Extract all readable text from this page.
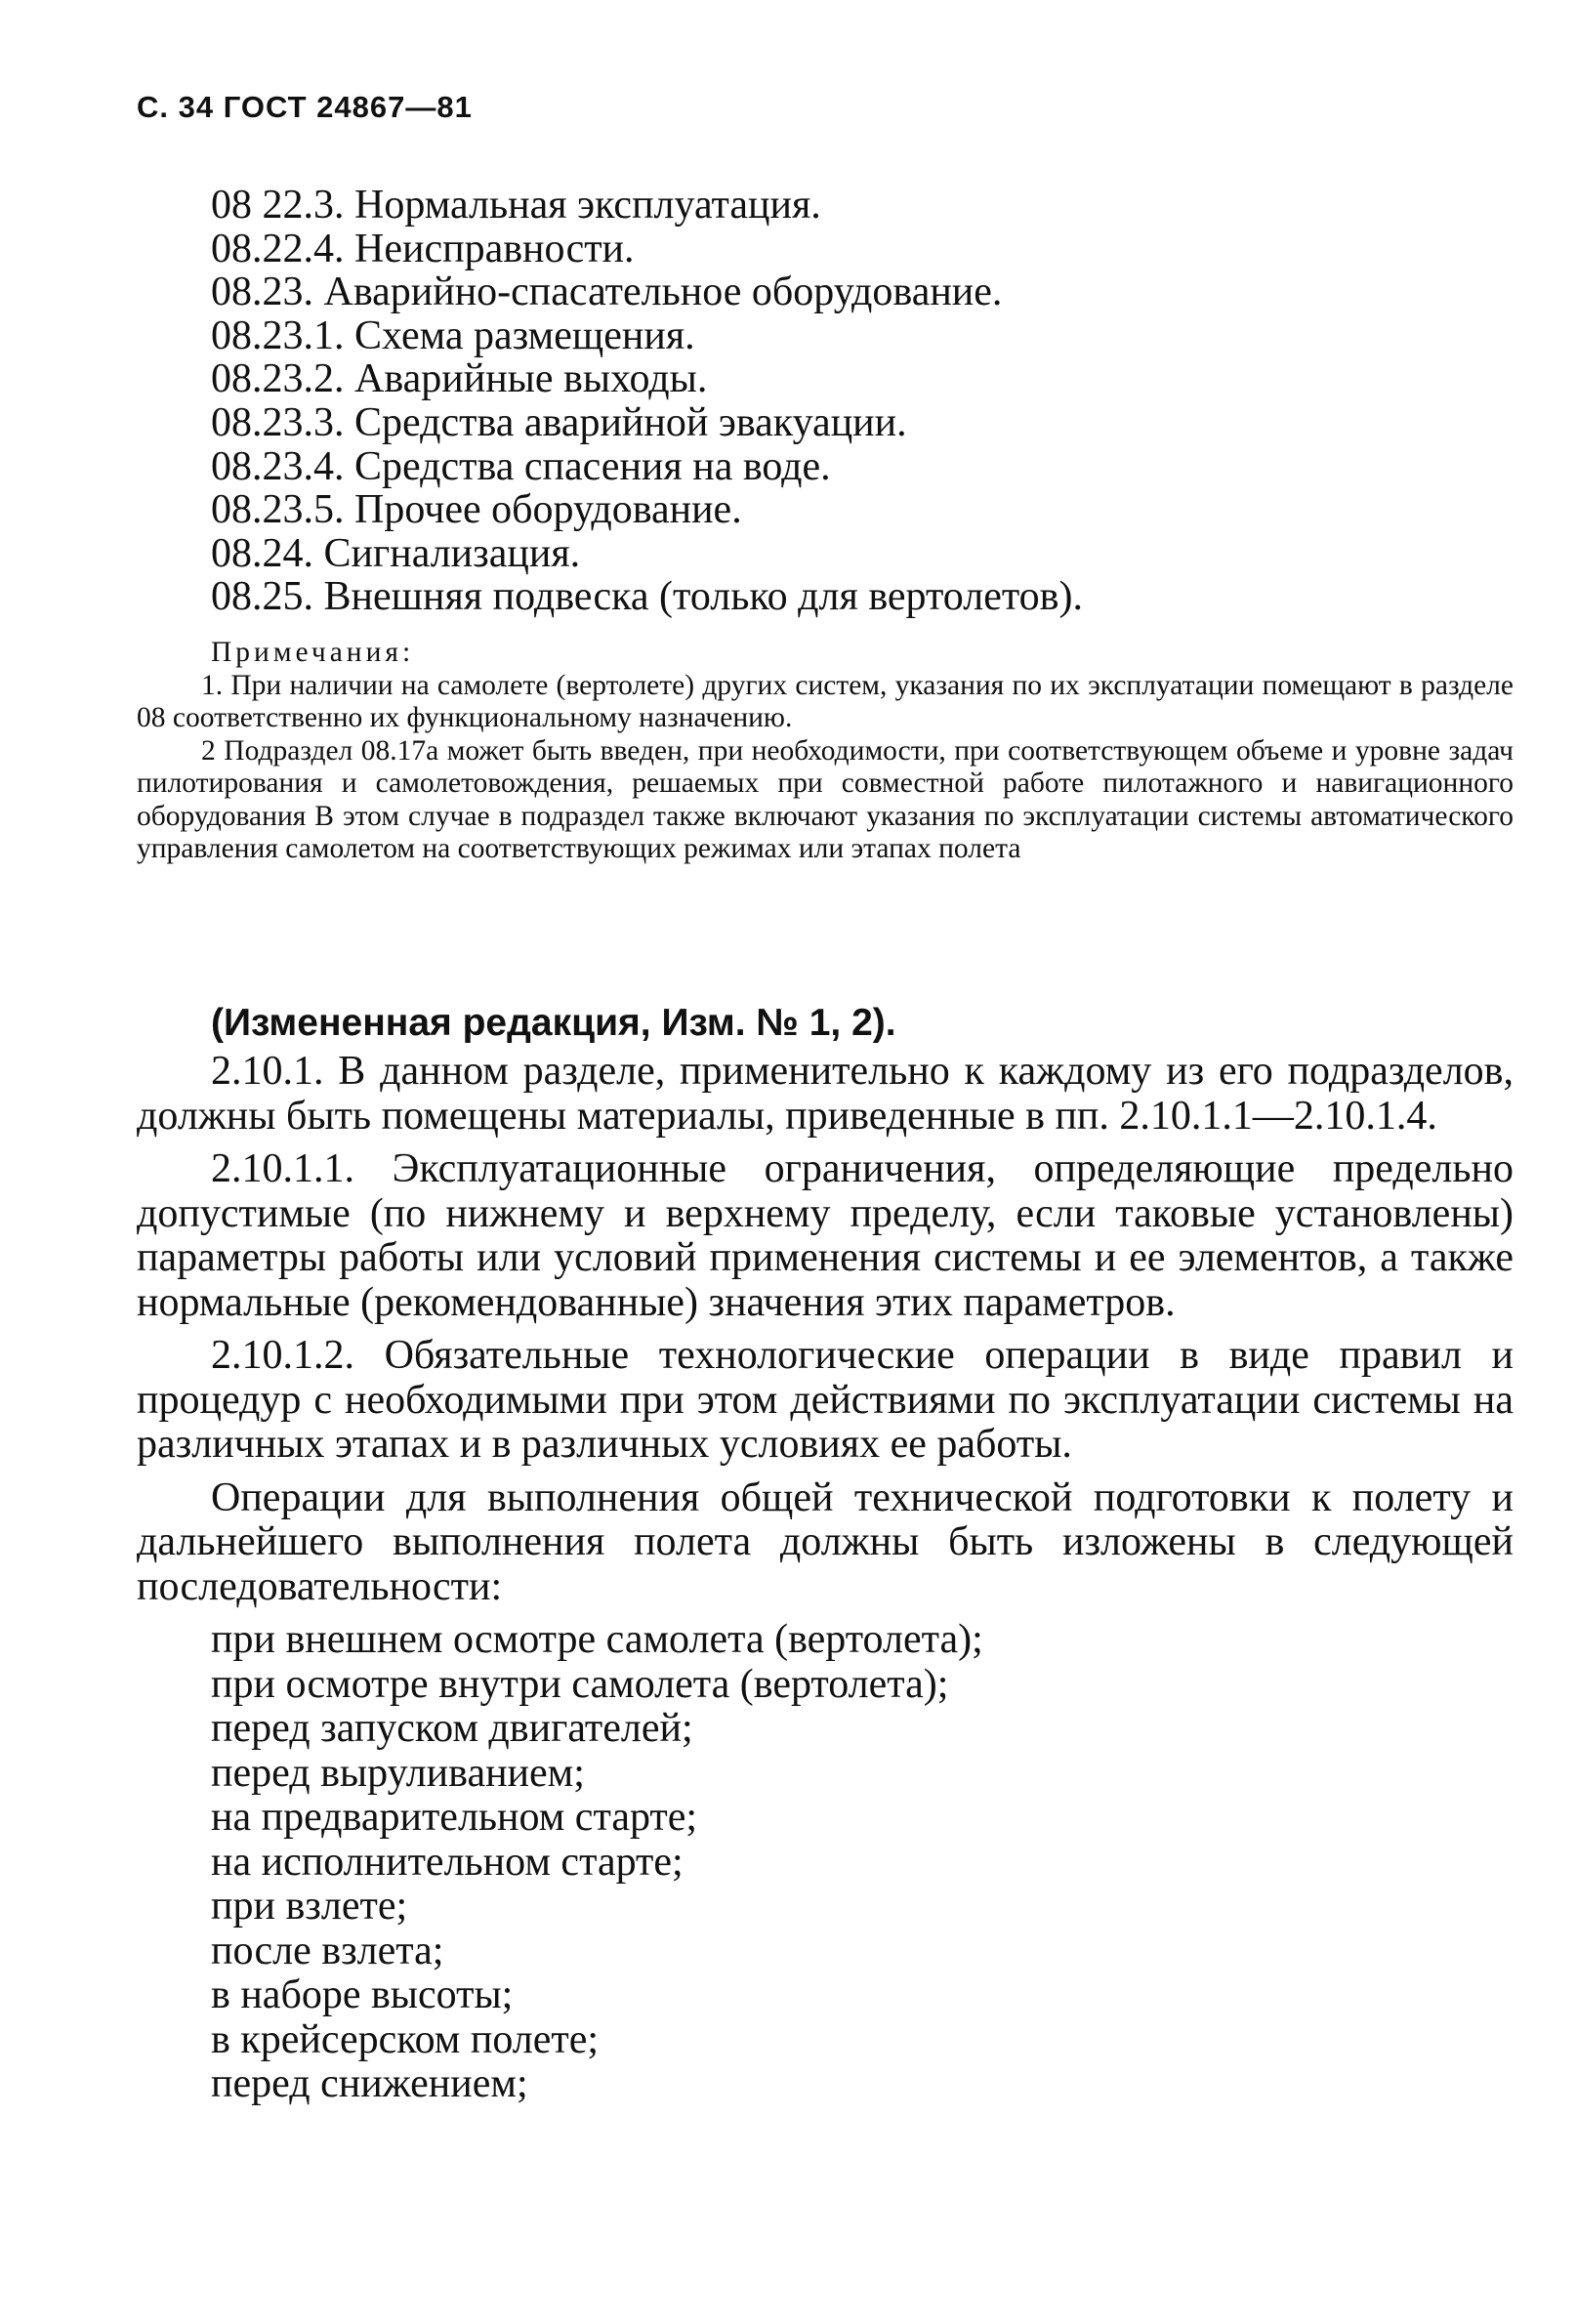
С. 34 ГОСТ 24867—81
08 22.3. Нормальная эксплуатация.
08.22.4. Неисправности.
08.23. Аварийно-спасательное оборудование.
08.23.1. Схема размещения.
08.23.2. Аварийные выходы.
08.23.3. Средства аварийной эвакуации.
08.23.4. Средства спасения на воде.
08.23.5. Прочее оборудование.
08.24. Сигнализация.
08.25. Внешняя подвеска (только для вертолетов).
Примечания:
1. При наличии на самолете (вертолете) других систем, указания по их эксплуатации помещают в разделе 08 соответственно их функциональному назначению.
2 Подраздел 08.17а может быть введен, при необходимости, при соответствующем объеме и уровне задач пилотирования и самолетовождения, решаемых при совместной работе пилотажного и навигационного оборудования В этом случае в подраздел также включают указания по эксплуатации системы автоматического управления самолетом на соответствующих режимах или этапах полета
(Измененная редакция, Изм. № 1, 2).

2.10.1. В данном разделе, применительно к каждому из его подразделов, должны быть помещены материалы, приведенные в пп. 2.10.1.1—2.10.1.4.

2.10.1.1. Эксплуатационные ограничения, определяющие предельно допустимые (по нижнему и верхнему пределу, если таковые установлены) параметры работы или условий применения системы и ее элементов, а также нормальные (рекомендованные) значения этих параметров.

2.10.1.2. Обязательные технологические операции в виде правил и процедур с необходимыми при этом действиями по эксплуатации системы на различных этапах и в различных условиях ее работы.

Операции для выполнения общей технической подготовки к полету и дальнейшего выполнения полета должны быть изложены в следующей последовательности:

при внешнем осмотре самолета (вертолета);
при осмотре внутри самолета (вертолета);
перед запуском двигателей;
перед выруливанием;
на предварительном старте;
на исполнительном старте;
при взлете;
после взлета;
в наборе высоты;
в крейсерском полете;
перед снижением;
